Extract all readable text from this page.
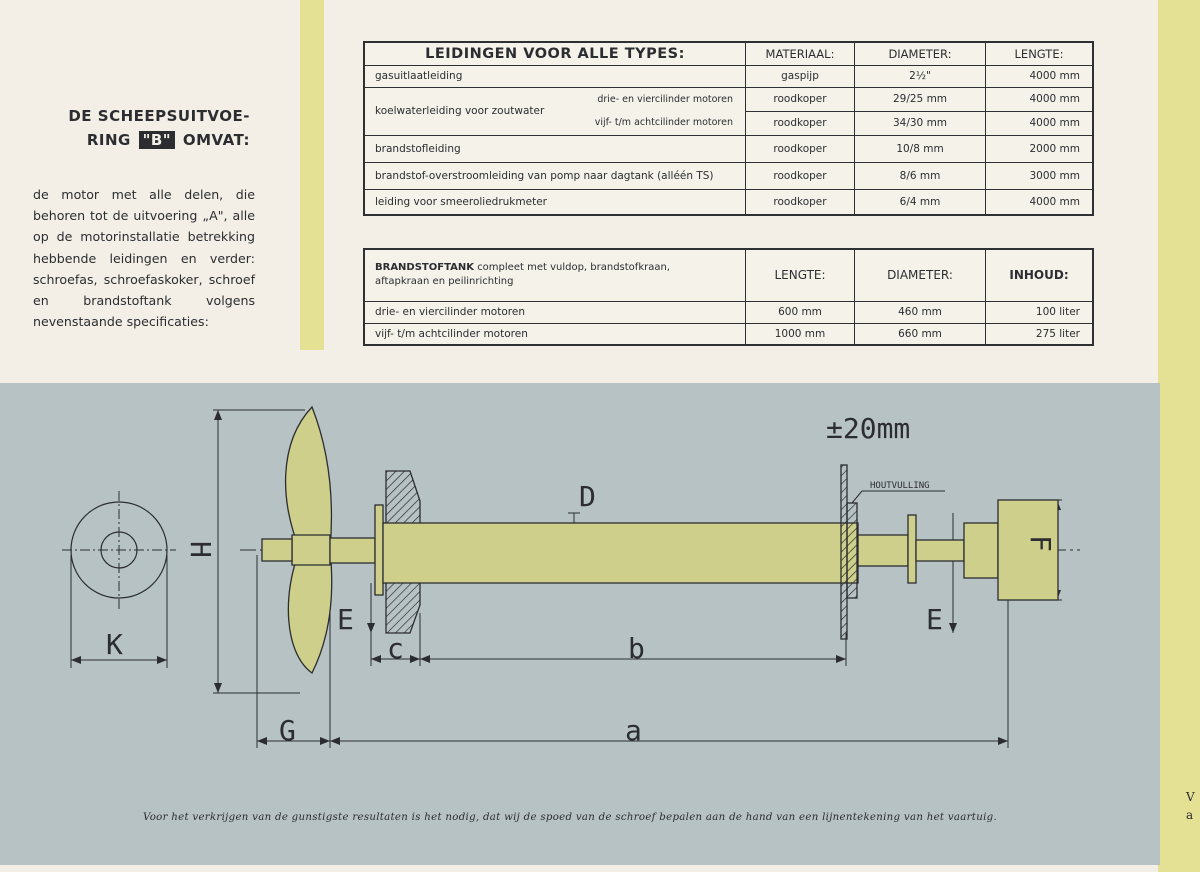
DE SCHEEPSUITVOE-
RING "B" OMVAT:
de motor met alle delen, die behoren tot de uitvoering „A", alle op de motorinstallatie betrekking hebbende leidingen en verder: schroefas, schroefaskoker, schroef en brandstoftank volgens nevenstaande specificaties:
LEIDINGEN VOOR ALLE TYPES:		MATERIAAL:	DIAMETER:	LENGTE:
gasuitlaatleiding		gaspijp	2½"	4000 mm
koelwaterleiding voor zoutwater	drie- en viercilinder motoren	roodkoper	29/25 mm	4000 mm
	vijf- t/m achtcilinder motoren	roodkoper	34/30 mm	4000 mm
brandstofleiding		roodkoper	10/8 mm	2000 mm
brandstof-overstroomleiding van pomp naar dagtank (alléén TS)		roodkoper	8/6 mm	3000 mm
leiding voor smeeroliedrukmeter		roodkoper	6/4 mm	4000 mm
BRANDSTOFTANK compleet met vuldop, brandstofkraan,
aftapkraan en peilinrichting	LENGTE:	DIAMETER:	INHOUD:
drie- en viercilinder motoren	600 mm	460 mm	100 liter
vijf- t/m achtcilinder motoren	1000 mm	660 mm	275 liter
K
H
G
E
c	b
a
D
E
F
±20mm
HOUTVULLING
Voor het verkrijgen van de gunstigste resultaten is het nodig, dat wij de spoed van de schroef bepalen aan de hand van een lijnentekening van het vaartuig.
V
a
